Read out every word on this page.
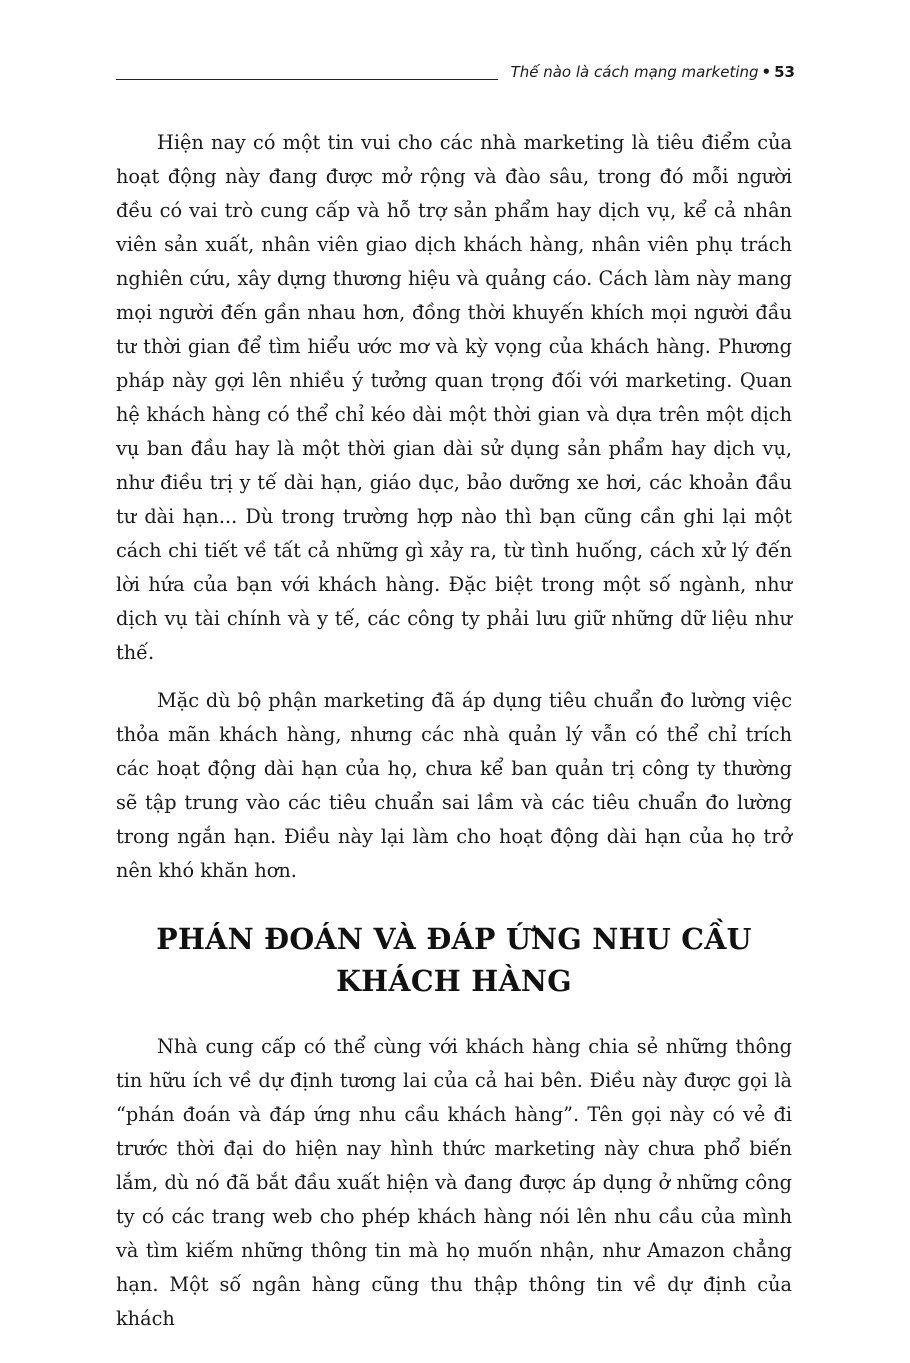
Thế nào là cách mạng marketing • 53

Hiện nay có một tin vui cho các nhà marketing là tiêu điểm của hoạt động này đang được mở rộng và đào sâu, trong đó mỗi người đều có vai trò cung cấp và hỗ trợ sản phẩm hay dịch vụ, kể cả nhân viên sản xuất, nhân viên giao dịch khách hàng, nhân viên phụ trách nghiên cứu, xây dựng thương hiệu và quảng cáo. Cách làm này mang mọi người đến gần nhau hơn, đồng thời khuyến khích mọi người đầu tư thời gian để tìm hiểu ước mơ và kỳ vọng của khách hàng. Phương pháp này gợi lên nhiều ý tưởng quan trọng đối với marketing. Quan hệ khách hàng có thể chỉ kéo dài một thời gian và dựa trên một dịch vụ ban đầu hay là một thời gian dài sử dụng sản phẩm hay dịch vụ, như điều trị y tế dài hạn, giáo dục, bảo dưỡng xe hơi, các khoản đầu tư dài hạn... Dù trong trường hợp nào thì bạn cũng cần ghi lại một cách chi tiết về tất cả những gì xảy ra, từ tình huống, cách xử lý đến lời hứa của bạn với khách hàng. Đặc biệt trong một số ngành, như dịch vụ tài chính và y tế, các công ty phải lưu giữ những dữ liệu như thế.

Mặc dù bộ phận marketing đã áp dụng tiêu chuẩn đo lường việc thỏa mãn khách hàng, nhưng các nhà quản lý vẫn có thể chỉ trích các hoạt động dài hạn của họ, chưa kể ban quản trị công ty thường sẽ tập trung vào các tiêu chuẩn sai lầm và các tiêu chuẩn đo lường trong ngắn hạn. Điều này lại làm cho hoạt động dài hạn của họ trở nên khó khăn hơn.

PHÁN ĐOÁN VÀ ĐÁP ỨNG NHU CẦU
KHÁCH HÀNG

Nhà cung cấp có thể cùng với khách hàng chia sẻ những thông tin hữu ích về dự định tương lai của cả hai bên. Điều này được gọi là “phán đoán và đáp ứng nhu cầu khách hàng”. Tên gọi này có vẻ đi trước thời đại do hiện nay hình thức marketing này chưa phổ biến lắm, dù nó đã bắt đầu xuất hiện và đang được áp dụng ở những công ty có các trang web cho phép khách hàng nói lên nhu cầu của mình và tìm kiếm những thông tin mà họ muốn nhận, như Amazon chẳng hạn. Một số ngân hàng cũng thu thập thông tin về dự định của khách
